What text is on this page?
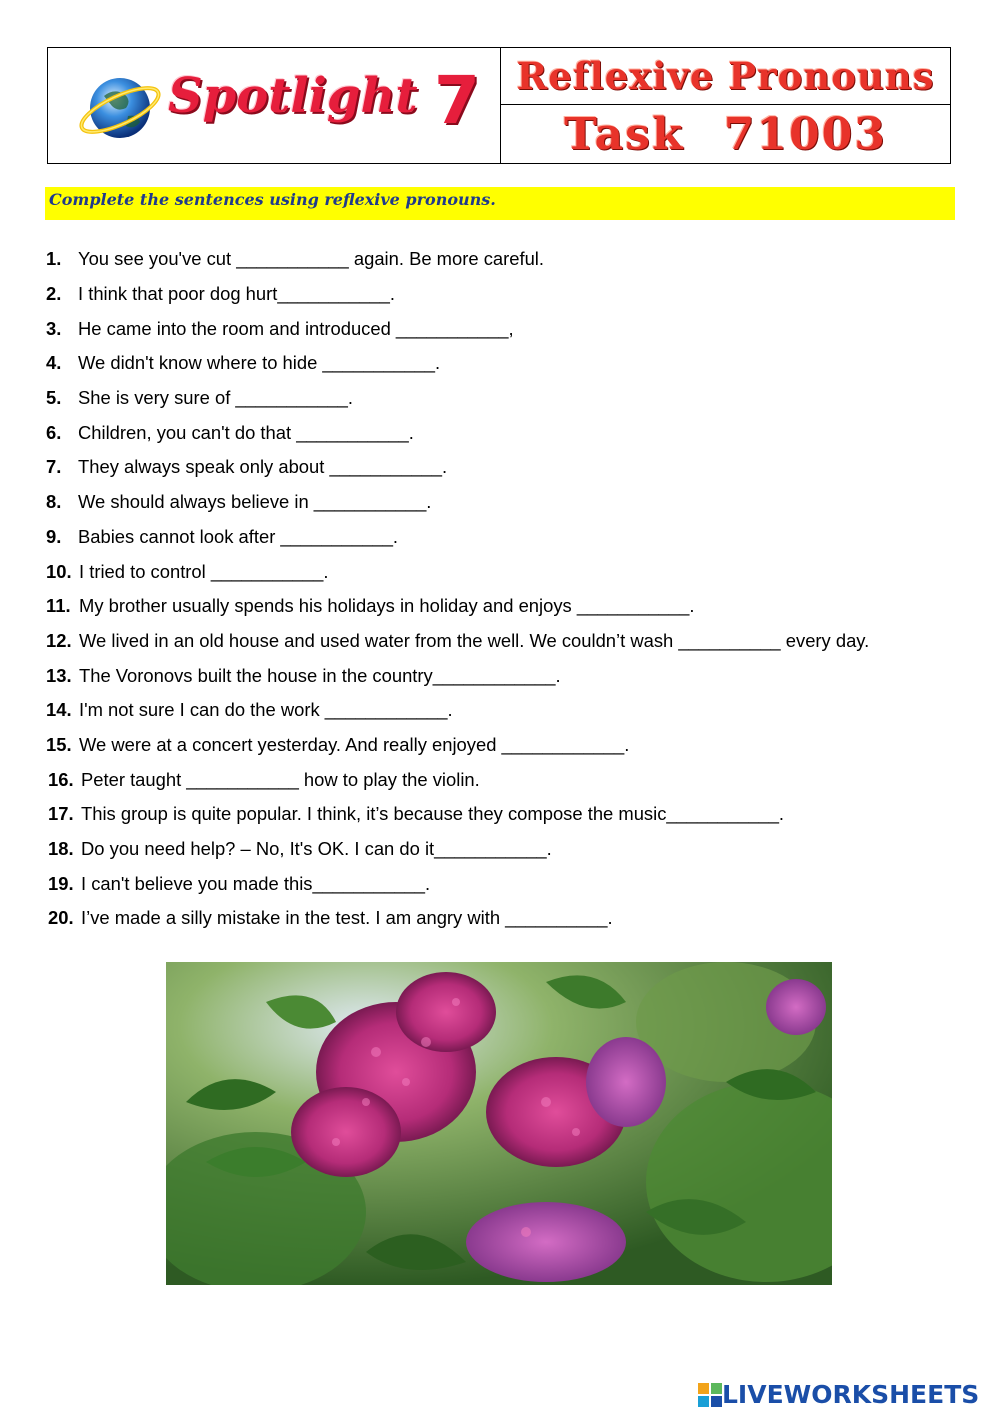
Spotlight 7 Reflexive Pronouns
Task 71003
Complete the sentences using reflexive pronouns.
1. You see you've cut ___________ again. Be more careful.
2. I think that poor dog hurt___________.
3. He came into the room and introduced ___________,
4. We didn't know where to hide ___________.
5. She is very sure of ___________.
6. Children, you can't do that ___________.
7. They always speak only about ___________.
8. We should always believe in ___________.
9. Babies cannot look after ___________.
10. I tried to control ___________.
11. My brother usually spends his holidays in holiday and enjoys ___________.
12. We lived in an old house and used water from the well. We couldn’t wash __________ every day.
13. The Voronovs built the house in the country____________.
14. I'm not sure I can do the work ____________.
15. We were at a concert yesterday. And really enjoyed ____________.
16. Peter taught ___________ how to play the violin.
17. This group is quite popular. I think, it’s because they compose the music___________.
18. Do you need help? – No, It's OK. I can do it___________.
19. I can't believe you made this___________.
20. I’ve made a silly mistake in the test. I am angry with __________.
LIVEWORKSHEETS
